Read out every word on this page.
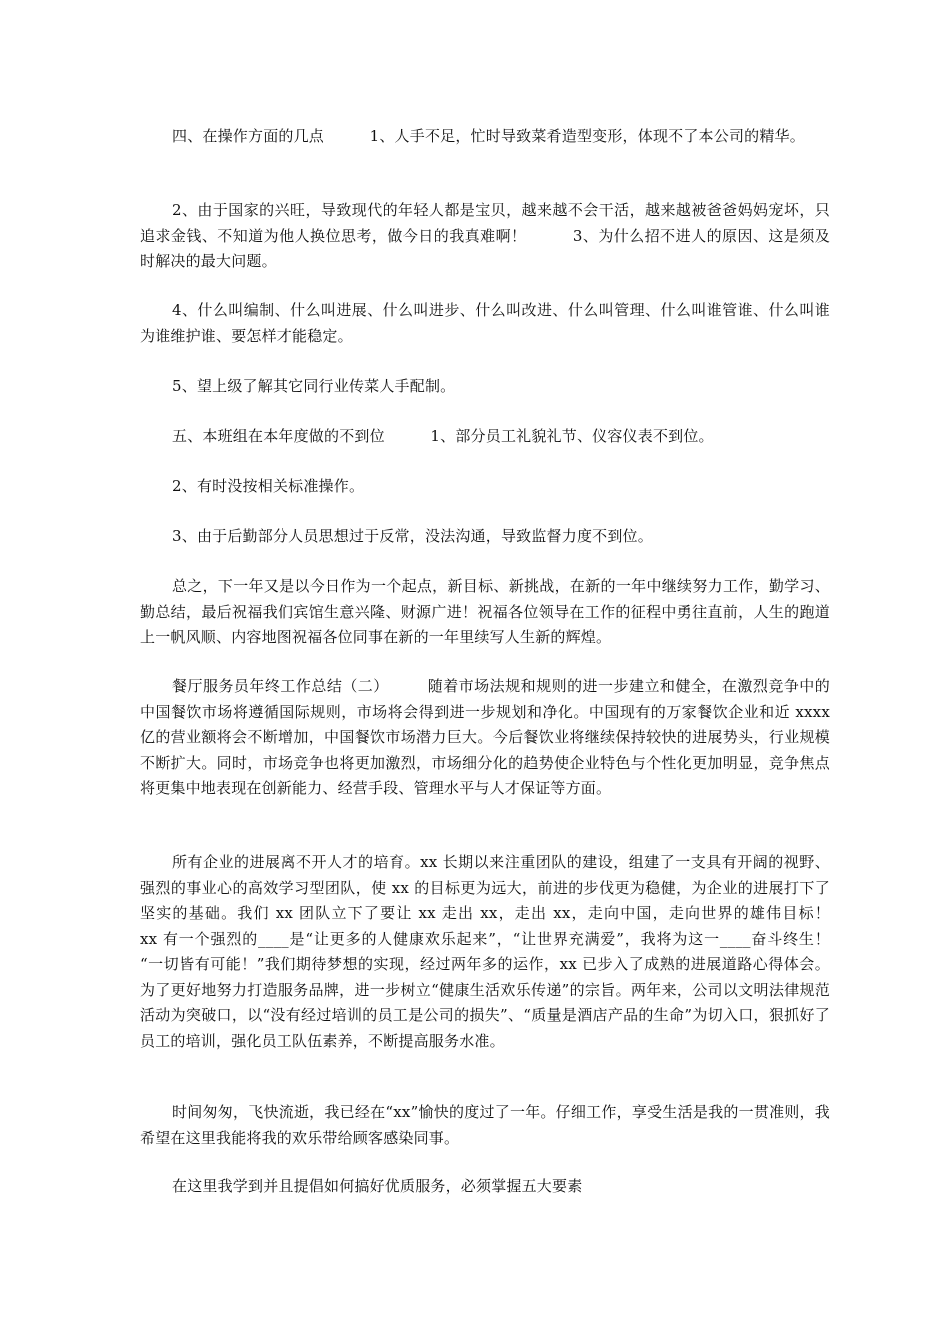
四、在操作方面的几点　　　1、人手不足，忙时导致菜肴造型变形，体现不了本公司的精华。

2、由于国家的兴旺，导致现代的年轻人都是宝贝，越来越不会干活，越来越被爸爸妈妈宠坏，只追求金钱、不知道为他人换位思考，做今日的我真难啊！　　　3、为什么招不进人的原因、这是须及时解决的最大问题。

4、什么叫编制、什么叫进展、什么叫进步、什么叫改进、什么叫管理、什么叫谁管谁、什么叫谁为谁维护谁、要怎样才能稳定。

5、望上级了解其它同行业传菜人手配制。

五、本班组在本年度做的不到位　　　1、部分员工礼貌礼节、仪容仪表不到位。

2、有时没按相关标准操作。

3、由于后勤部分人员思想过于反常，没法沟通，导致监督力度不到位。

总之，下一年又是以今日作为一个起点，新目标、新挑战，在新的一年中继续努力工作，勤学习、勤总结，最后祝福我们宾馆生意兴隆、财源广进！祝福各位领导在工作的征程中勇往直前，人生的跑道上一帆风顺、内容地图祝福各位同事在新的一年里续写人生新的辉煌。

餐厅服务员年终工作总结（二）　　　随着市场法规和规则的进一步建立和健全，在激烈竞争中的中国餐饮市场将遵循国际规则，市场将会得到进一步规划和净化。中国现有的万家餐饮企业和近 xxxx 亿的营业额将会不断增加，中国餐饮市场潜力巨大。今后餐饮业将继续保持较快的进展势头，行业规模不断扩大。同时，市场竞争也将更加激烈，市场细分化的趋势使企业特色与个性化更加明显，竞争焦点将更集中地表现在创新能力、经营手段、管理水平与人才保证等方面。

所有企业的进展离不开人才的培育。xx 长期以来注重团队的建设，组建了一支具有开阔的视野、强烈的事业心的高效学习型团队，使 xx 的目标更为远大，前进的步伐更为稳健，为企业的进展打下了坚实的基础。我们 xx 团队立下了要让 xx 走出 xx，走出 xx，走向中国，走向世界的雄伟目标！　　　xx 有一个强烈的____是“让更多的人健康欢乐起来”，“让世界充满爱”，我将为这一____奋斗终生！　“一切皆有可能！”我们期待梦想的实现，经过两年多的运作，xx 已步入了成熟的进展道路心得体会。为了更好地努力打造服务品牌，进一步树立“健康生活欢乐传递”的宗旨。两年来，公司以文明法律规范活动为突破口，以“没有经过培训的员工是公司的损失”、“质量是酒店产品的生命”为切入口，狠抓好了员工的培训，强化员工队伍素养，不断提高服务水准。

时间匆匆，飞快流逝，我已经在“xx”愉快的度过了一年。仔细工作，享受生活是我的一贯准则，我希望在这里我能将我的欢乐带给顾客感染同事。

在这里我学到并且提倡如何搞好优质服务，必须掌握五大要素
